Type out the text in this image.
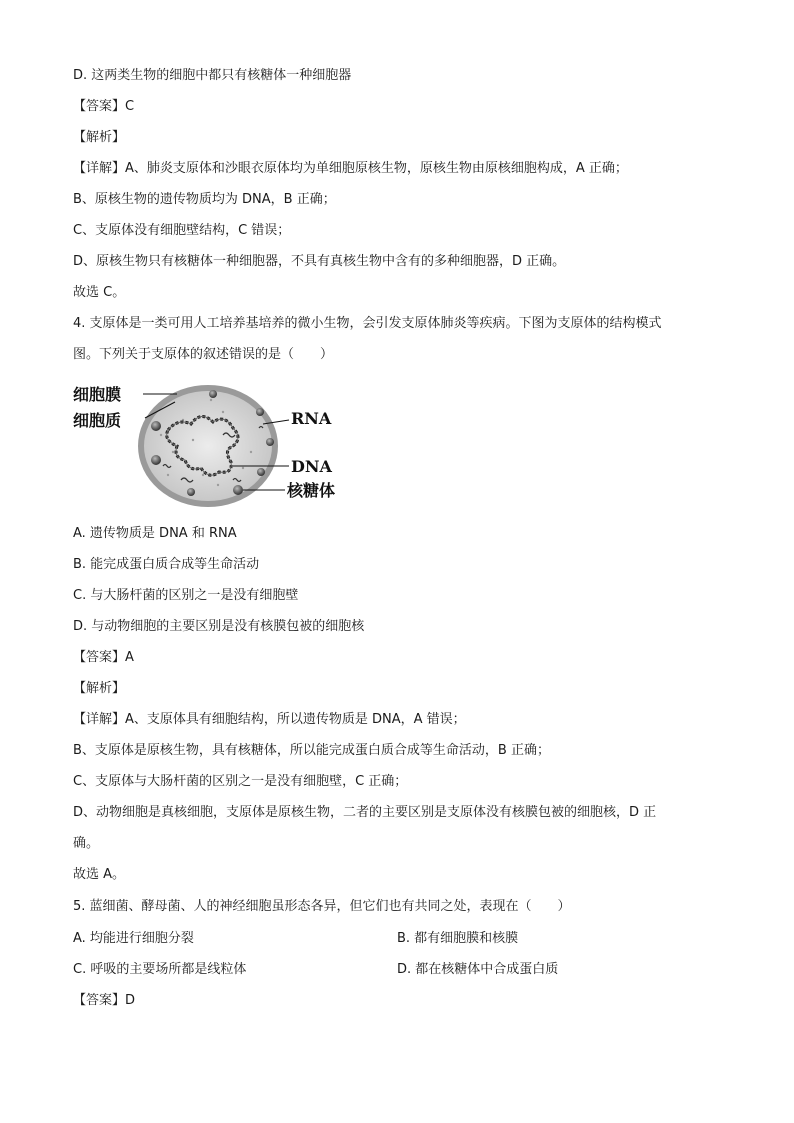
D. 这两类生物的细胞中都只有核糖体一种细胞器
【答案】C
【解析】
【详解】A、肺炎支原体和沙眼衣原体均为单细胞原核生物，原核生物由原核细胞构成，A 正确；
B、原核生物的遗传物质均为 DNA，B 正确；
C、支原体没有细胞壁结构，C 错误；
D、原核生物只有核糖体一种细胞器，不具有真核生物中含有的多种细胞器，D 正确。
故选 C。
4. 支原体是一类可用人工培养基培养的微小生物，会引发支原体肺炎等疾病。下图为支原体的结构模式
图。下列关于支原体的叙述错误的是（　　）
细胞膜
细胞质	RNA
DNA
核糖体
A. 遗传物质是 DNA 和 RNA
B. 能完成蛋白质合成等生命活动
C. 与大肠杆菌的区别之一是没有细胞壁
D. 与动物细胞的主要区别是没有核膜包被的细胞核
【答案】A
【解析】
【详解】A、支原体具有细胞结构，所以遗传物质是 DNA，A 错误；
B、支原体是原核生物，具有核糖体，所以能完成蛋白质合成等生命活动，B 正确；
C、支原体与大肠杆菌的区别之一是没有细胞壁，C 正确；
D、动物细胞是真核细胞，支原体是原核生物，二者的主要区别是支原体没有核膜包被的细胞核，D 正
确。
故选 A。
5. 蓝细菌、酵母菌、人的神经细胞虽形态各异，但它们也有共同之处，表现在（　　）
A. 均能进行细胞分裂	B. 都有细胞膜和核膜
C. 呼吸的主要场所都是线粒体	D. 都在核糖体中合成蛋白质
【答案】D
